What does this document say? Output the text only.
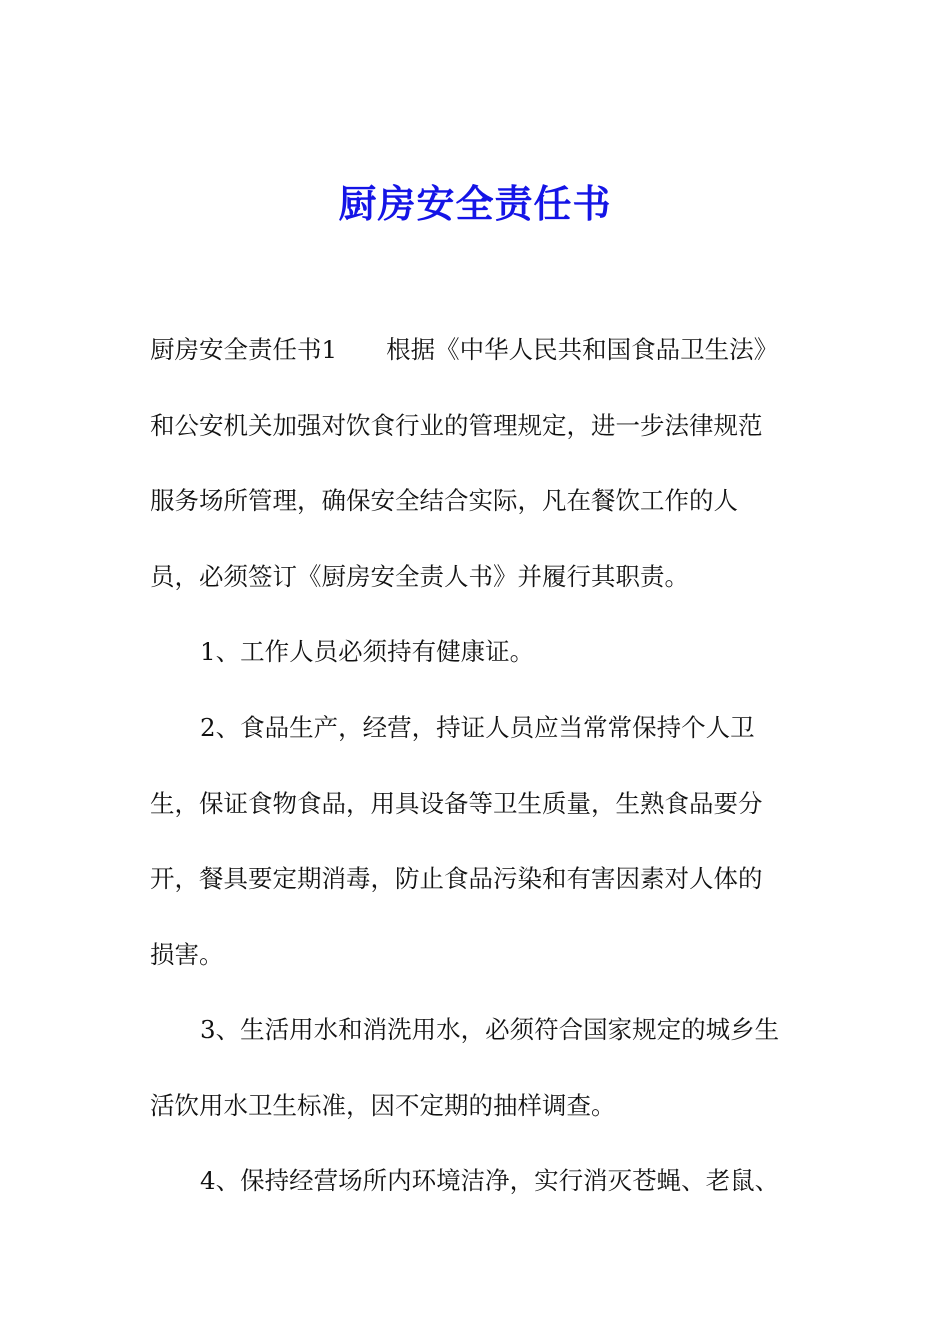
厨房安全责任书
厨房安全责任书1　　根据《中华人民共和国食品卫生法》
和公安机关加强对饮食行业的管理规定，进一步法律规范
服务场所管理，确保安全结合实际，凡在餐饮工作的人
员，必须签订《厨房安全责人书》并履行其职责。
1、工作人员必须持有健康证。
2、食品生产，经营，持证人员应当常常保持个人卫
生，保证食物食品，用具设备等卫生质量，生熟食品要分
开，餐具要定期消毒，防止食品污染和有害因素对人体的
损害。
3、生活用水和消洗用水，必须符合国家规定的城乡生
活饮用水卫生标准，因不定期的抽样调查。
4、保持经营场所内环境洁净，实行消灭苍蝇、老鼠、
